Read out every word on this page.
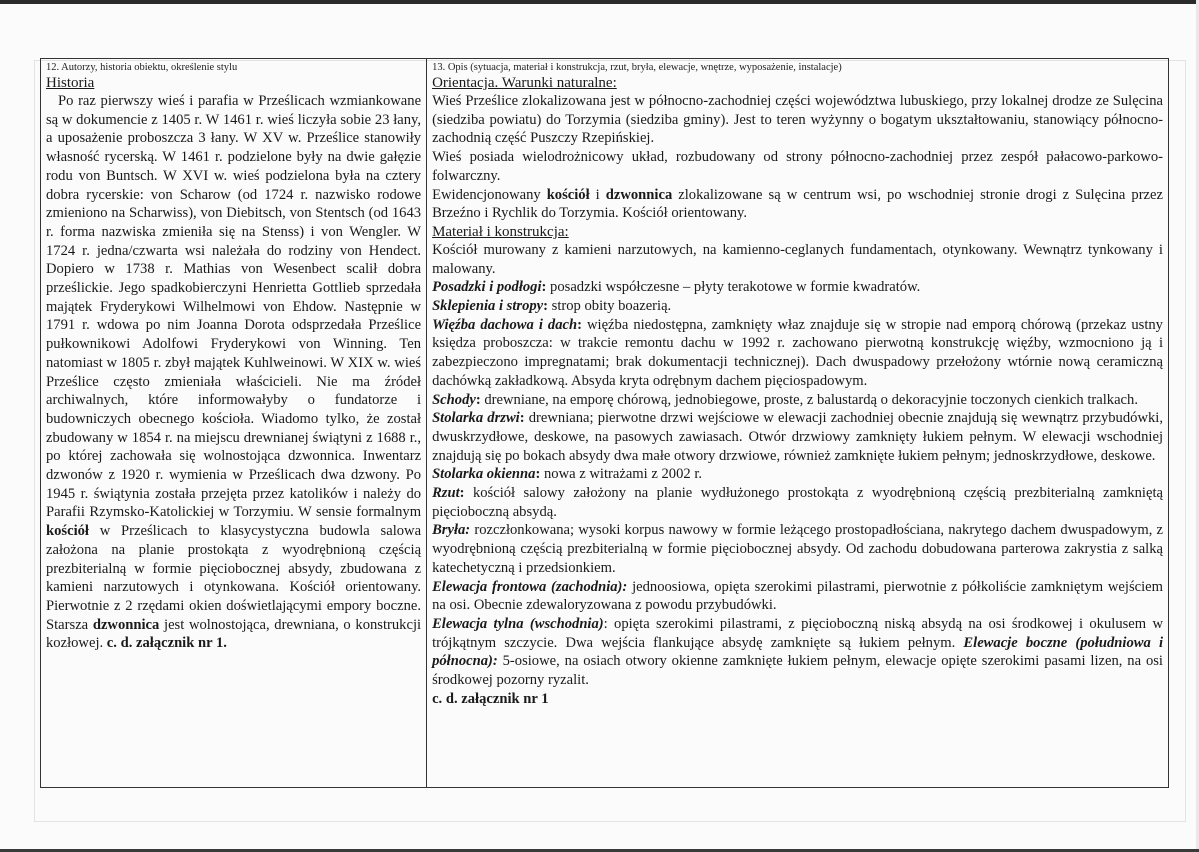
12. Autorzy, historia obiektu, określenie stylu
Historia

Po raz pierwszy wieś i parafia w Prześlicach wzmiankowane są w dokumencie z 1405 r. W 1461 r. wieś liczyła sobie 23 łany, a uposażenie proboszcza 3 łany. W XV w. Prześlice stanowiły własność rycerską. W 1461 r. podzielone były na dwie gałęzie rodu von Buntsch. W XVI w. wieś podzielona była na cztery dobra rycerskie: von Scharow (od 1724 r. nazwisko rodowe zmieniono na Scharwiss), von Diebitsch, von Stentsch (od 1643 r. forma nazwiska zmieniła się na Stenss) i von Wengler. W 1724 r. jedna/czwarta wsi należała do rodziny von Hendect. Dopiero w 1738 r. Mathias von Wesenbect scalił dobra prześlickie. Jego spadkobierczyni Henrietta Gottlieb sprzedała majątek Fryderykowi Wilhelmowi von Ehdow. Następnie w 1791 r. wdowa po nim Joanna Dorota odsprzedała Prześlice pułkownikowi Adolfowi Fryderykowi von Winning. Ten natomiast w 1805 r. zbył majątek Kuhlweinowi. W XIX w. wieś Prześlice często zmieniała właścicieli. Nie ma źródeł archiwalnych, które informowałyby o fundatorze i budowniczych obecnego kościoła. Wiadomo tylko, że został zbudowany w 1854 r. na miejscu drewnianej świątyni z 1688 r., po której zachowała się wolnostojąca dzwonnica. Inwentarz dzwonów z 1920 r. wymienia w Prześlicach dwa dzwony. Po 1945 r. świątynia została przejęta przez katolików i należy do Parafii Rzymsko-Katolickiej w Torzymiu. W sensie formalnym kościół w Prześlicach to klasycystyczna budowla salowa założona na planie prostokąta z wyodrębnioną częścią prezbiterialną w formie pięciobocznej absydy, zbudowana z kamieni narzutowych i otynkowana. Kościół orientowany. Pierwotnie z 2 rzędami okien doświetlającymi empory boczne. Starsza dzwonnica jest wolnostojąca, drewniana, o konstrukcji kozłowej. c. d. załącznik nr 1.

13. Opis (sytuacja, materiał i konstrukcja, rzut, bryła, elewacje, wnętrze, wyposażenie, instalacje)
Orientacja. Warunki naturalne:

Wieś Prześlice zlokalizowana jest w północno-zachodniej części województwa lubuskiego, przy lokalnej drodze ze Sulęcina (siedziba powiatu) do Torzymia (siedziba gminy). Jest to teren wyżynny o bogatym ukształtowaniu, stanowiący północno-zachodnią część Puszczy Rzepińskiej.

Wieś posiada wielodrożnicowy układ, rozbudowany od strony północno-zachodniej przez zespół pałacowo-parkowo-folwarczny.

Ewidencjonowany kościół i dzwonnica zlokalizowane są w centrum wsi, po wschodniej stronie drogi z Sulęcina przez Brzeźno i Rychlik do Torzymia. Kościół orientowany.

Materiał i konstrukcja:

Kościół murowany z kamieni narzutowych, na kamienno-ceglanych fundamentach, otynkowany. Wewnątrz tynkowany i malowany.

Posadzki i podłogi: posadzki współczesne – płyty terakotowe w formie kwadratów.

Sklepienia i stropy: strop obity boazerią.

Więźba dachowa i dach: więźba niedostępna, zamknięty właz znajduje się w stropie nad emporą chórową (przekaz ustny księdza proboszcza: w trakcie remontu dachu w 1992 r. zachowano pierwotną konstrukcję więźby, wzmocniono ją i zabezpieczono impregnatami; brak dokumentacji technicznej). Dach dwuspadowy przełożony wtórnie nową ceramiczną dachówką zakładkową. Absyda kryta odrębnym dachem pięciospadowym.

Schody: drewniane, na emporę chórową, jednobiegowe, proste, z balustardą o dekoracyjnie toczonych cienkich tralkach.

Stolarka drzwi: drewniana; pierwotne drzwi wejściowe w elewacji zachodniej obecnie znajdują się wewnątrz przybudówki, dwuskrzydłowe, deskowe, na pasowych zawiasach. Otwór drzwiowy zamknięty łukiem pełnym. W elewacji wschodniej znajdują się po bokach absydy dwa małe otwory drzwiowe, również zamknięte łukiem pełnym; jednoskrzydłowe, deskowe.

Stolarka okienna: nowa z witrażami z 2002 r.

Rzut: kościół salowy założony na planie wydłużonego prostokąta z wyodrębnioną częścią prezbiterialną zamkniętą pięcioboczną absydą.

Bryła: rozczłonkowana; wysoki korpus nawowy w formie leżącego prostopadłościana, nakrytego dachem dwuspadowym, z wyodrębnioną częścią prezbiterialną w formie pięciobocznej absydy. Od zachodu dobudowana parterowa zakrystia z salką katechetyczną i przedsionkiem.

Elewacja frontowa (zachodnia): jednoosiowa, opięta szerokimi pilastrami, pierwotnie z półkoliście zamkniętym wejściem na osi. Obecnie zdewaloryzowana z powodu przybudówki.

Elewacja tylna (wschodnia): opięta szerokimi pilastrami, z pięcioboczną niską absydą na osi środkowej i okulusem w trójkątnym szczycie. Dwa wejścia flankujące absydę zamknięte są łukiem pełnym. Elewacje boczne (południowa i północna): 5-osiowe, na osiach otwory okienne zamknięte łukiem pełnym, elewacje opięte szerokimi pasami lizen, na osi środkowej pozorny ryzalit.

c. d. załącznik nr 1
